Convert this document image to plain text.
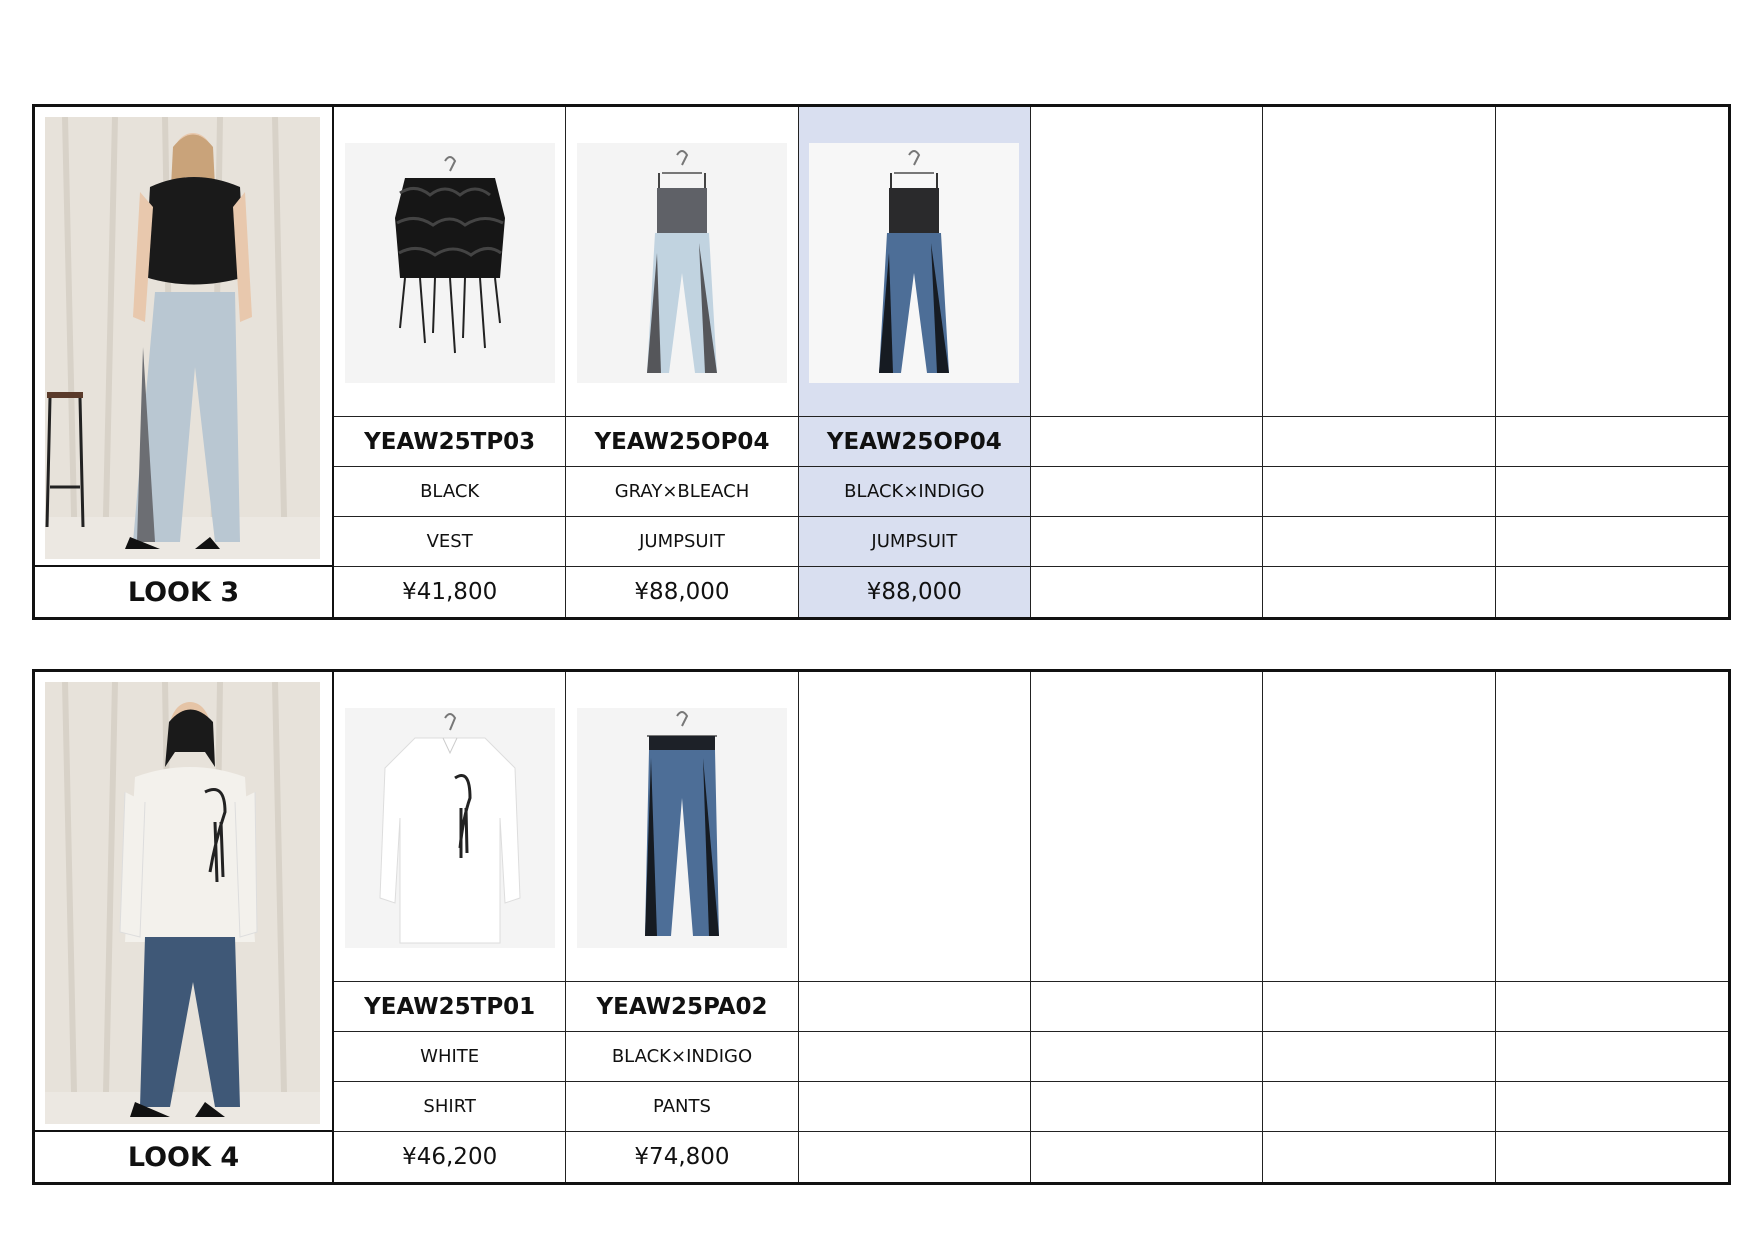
YEAW25TP03	YEAW25OP04	YEAW25OP04
BLACK	GRAY×BLEACH	BLACK×INDIGO
VEST	JUMPSUIT	JUMPSUIT
LOOK 3	¥41,800	¥88,000	¥88,000
YEAW25TP01	YEAW25PA02
WHITE	BLACK×INDIGO
SHIRT	PANTS
LOOK 4	¥46,200	¥74,800
